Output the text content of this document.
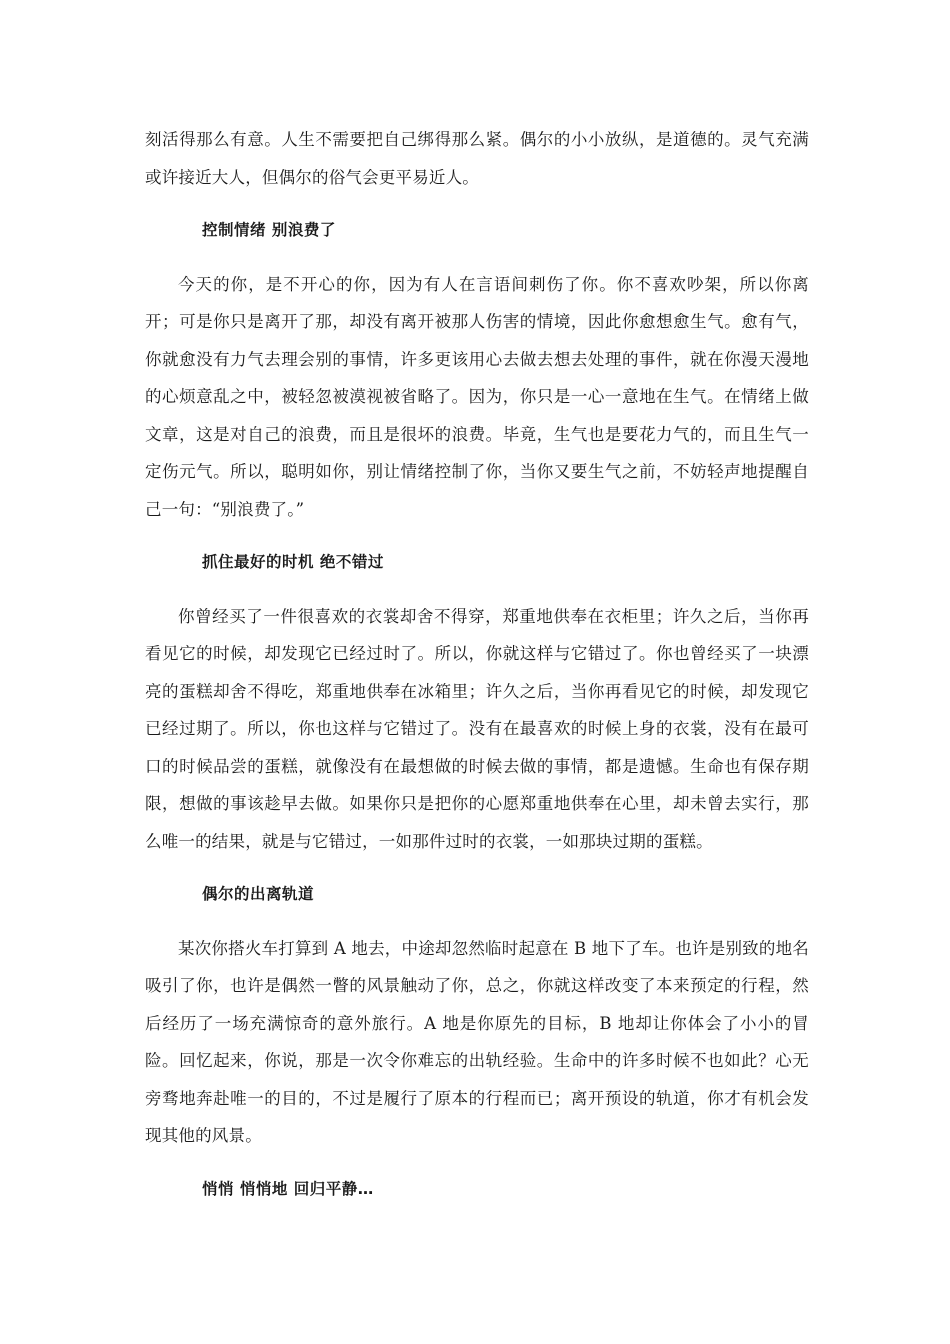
刻活得那么有意。人生不需要把自己绑得那么紧。偶尔的小小放纵，是道德的。灵气充满或许接近大人，但偶尔的俗气会更平易近人。

控制情绪 别浪费了

今天的你，是不开心的你，因为有人在言语间刺伤了你。你不喜欢吵架，所以你离开；可是你只是离开了那，却没有离开被那人伤害的情境，因此你愈想愈生气。愈有气，你就愈没有力气去理会别的事情，许多更该用心去做去想去处理的事件，就在你漫天漫地的心烦意乱之中，被轻忽被漠视被省略了。因为，你只是一心一意地在生气。在情绪上做文章，这是对自己的浪费，而且是很坏的浪费。毕竟，生气也是要花力气的，而且生气一定伤元气。所以，聪明如你，别让情绪控制了你，当你又要生气之前，不妨轻声地提醒自己一句：“别浪费了。”

抓住最好的时机 绝不错过

你曾经买了一件很喜欢的衣裳却舍不得穿，郑重地供奉在衣柜里；许久之后，当你再看见它的时候，却发现它已经过时了。所以，你就这样与它错过了。你也曾经买了一块漂亮的蛋糕却舍不得吃，郑重地供奉在冰箱里；许久之后，当你再看见它的时候，却发现它已经过期了。所以，你也这样与它错过了。没有在最喜欢的时候上身的衣裳，没有在最可口的时候品尝的蛋糕，就像没有在最想做的时候去做的事情，都是遗憾。生命也有保存期限，想做的事该趁早去做。如果你只是把你的心愿郑重地供奉在心里，却未曾去实行，那么唯一的结果，就是与它错过，一如那件过时的衣裳，一如那块过期的蛋糕。

偶尔的出离轨道

某次你搭火车打算到 A 地去，中途却忽然临时起意在 B 地下了车。也许是别致的地名吸引了你，也许是偶然一瞥的风景触动了你，总之，你就这样改变了本来预定的行程，然后经历了一场充满惊奇的意外旅行。A 地是你原先的目标，B 地却让你体会了小小的冒险。回忆起来，你说，那是一次令你难忘的出轨经验。生命中的许多时候不也如此？心无旁骛地奔赴唯一的目的，不过是履行了原本的行程而已；离开预设的轨道，你才有机会发现其他的风景。

悄悄 悄悄地 回归平静…
